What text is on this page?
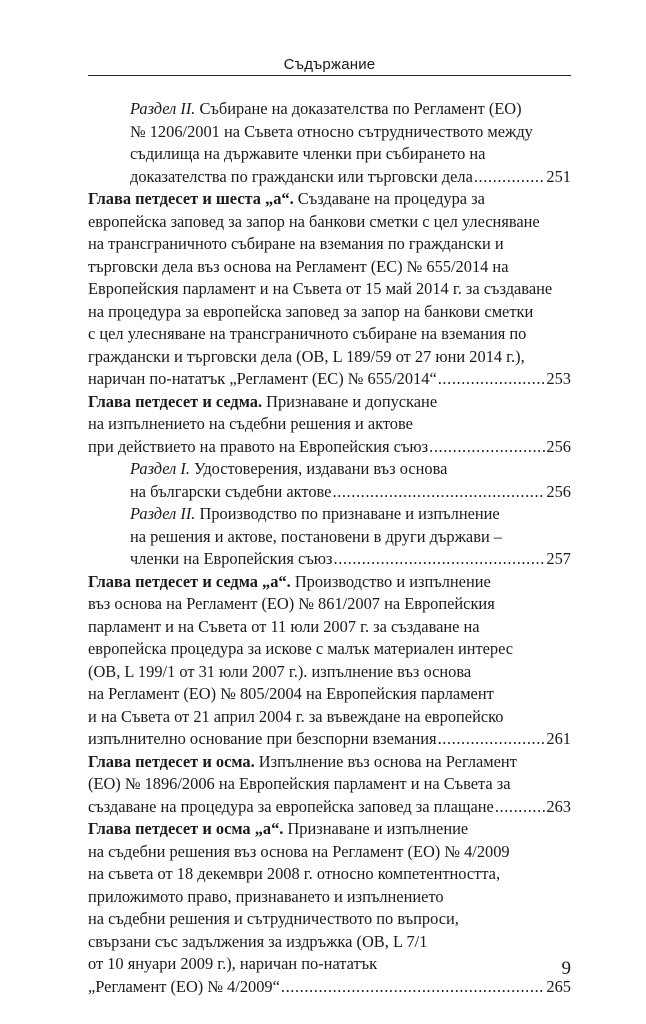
Съдържание

Раздел II. Събиране на доказателства по Регламент (ЕО)

№ 1206/2001 на Съвета относно сътрудничеството между

съдилища на държавите членки при събирането на

доказателства по граждански или търговски дела .....	251

Глава петдесет и шеста „а“. Създаване на процедура за

европейска заповед за запор на банкови сметки с цел улесняване

на трансграничното събиране на вземания по граждански и

търговски дела въз основа на Регламент (ЕС) № 655/2014 на

Европейския парламент и на Съвета от 15 май 2014 г. за създаване

на процедура за европейска заповед за запор на банкови сметки

с цел улесняване на трансграничното събиране на вземания по

граждански и търговски дела (ОВ, L 189/59 от 27 юни 2014 г.),

наричан по-нататък „Регламент (ЕС) № 655/2014“ .....	253

Глава петдесет и седма. Признаване и допускане

на изпълнението на съдебни решения и актове

при действието на правото на Европейския съюз .....	256

Раздел I. Удостоверения, издавани въз основа

на български съдебни актове .....	256

Раздел II. Производство по признаване и изпълнение

на решения и актове, постановени в други държави –

членки на Европейския съюз .....	257

Глава петдесет и седма „а“. Производство и изпълнение

въз основа на Регламент (ЕО) № 861/2007 на Европейския

парламент и на Съвета от 11 юли 2007 г. за създаване на

европейска процедура за искове с малък материален интерес

(ОВ, L 199/1 от 31 юли 2007 г.). изпълнение въз основа

на Регламент (ЕО) № 805/2004 на Европейския парламент

и на Съвета от 21 април 2004 г. за въвеждане на европейско

изпълнително основание при безспорни вземания .....	261

Глава петдесет и осма. Изпълнение въз основа на Регламент

(ЕО) № 1896/2006 на Европейския парламент и на Съвета за

създаване на процедура за европейска заповед за плащане .....	263

Глава петдесет и осма „а“. Признаване и изпълнение

на съдебни решения въз основа на Регламент (ЕО) № 4/2009

на съвета от 18 декември 2008 г. относно компетентността,

приложимото право, признаването и изпълнението

на съдебни решения и сътрудничеството по въпроси,

свързани със задължения за издръжка (ОВ, L 7/1

от 10 януари 2009 г.), наричан по-нататък

„Регламент (ЕО) № 4/2009“ .....	265

9
